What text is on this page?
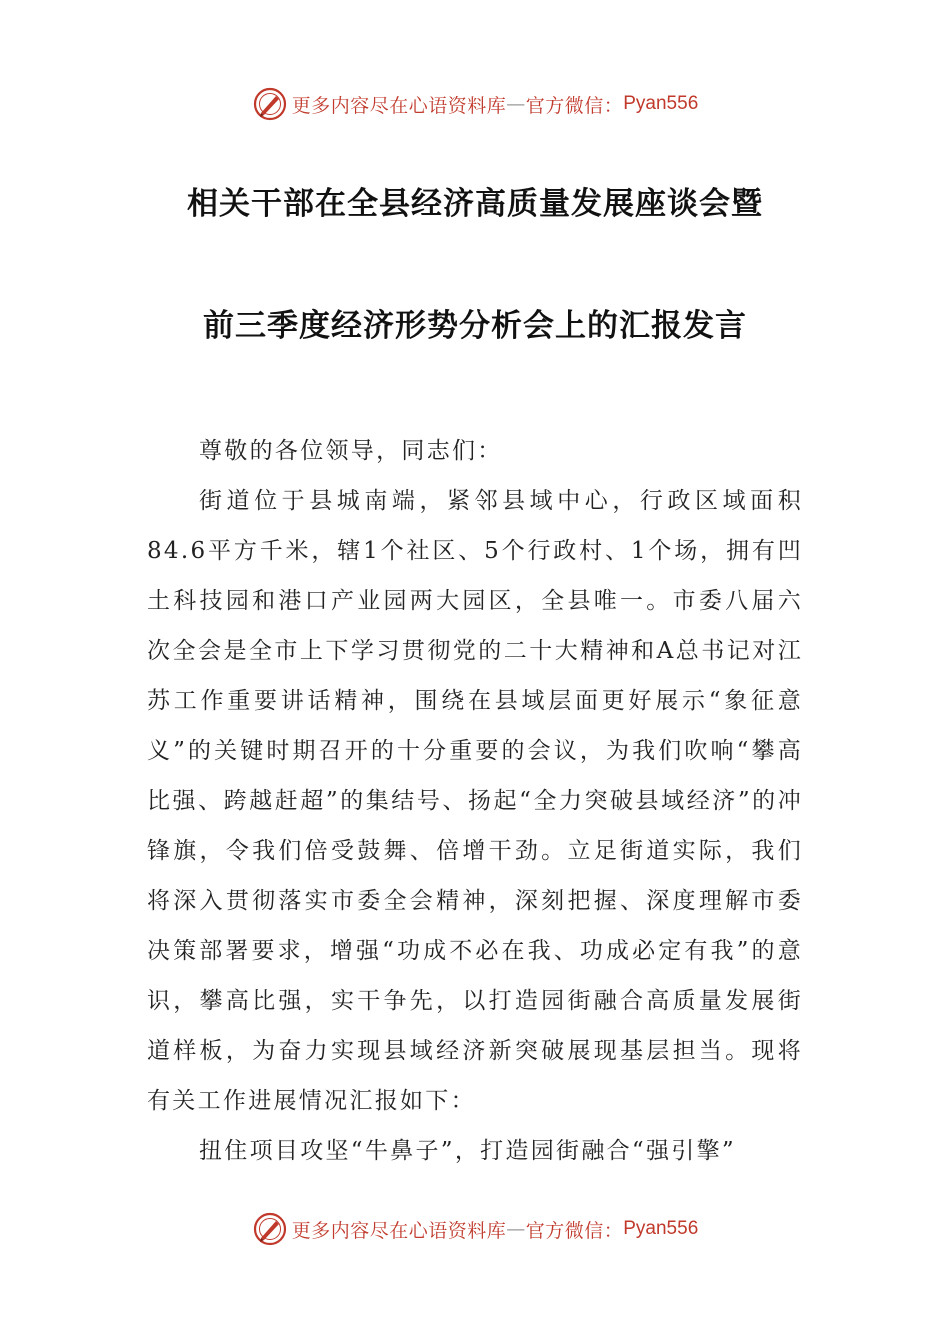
更多内容尽在心语资料库 — 官方微信： Pyan556
相关干部在全县经济高质量发展座谈会暨
前三季度经济形势分析会上的汇报发言

尊敬的各位领导，同志们：

街道位于县城南端，紧邻县域中心，行政区域面积84.6平方千米，辖1个社区、5个行政村、1个场，拥有凹土科技园和港口产业园两大园区，全县唯一。市委八届六次全会是全市上下学习贯彻党的二十大精神和A总书记对江苏工作重要讲话精神，围绕在县域层面更好展示“象征意义”的关键时期召开的十分重要的会议，为我们吹响“攀高比强、跨越赶超”的集结号、扬起“全力突破县域经济”的冲锋旗，令我们倍受鼓舞、倍增干劲。立足街道实际，我们将深入贯彻落实市委全会精神，深刻把握、深度理解市委决策部署要求，增强“功成不必在我、功成必定有我”的意识，攀高比强，实干争先，以打造园街融合高质量发展街道样板，为奋力实现县域经济新突破展现基层担当。现将有关工作进展情况汇报如下：

扭住项目攻坚“牛鼻子”，打造园街融合“强引擎”

更多内容尽在心语资料库 — 官方微信： Pyan556
